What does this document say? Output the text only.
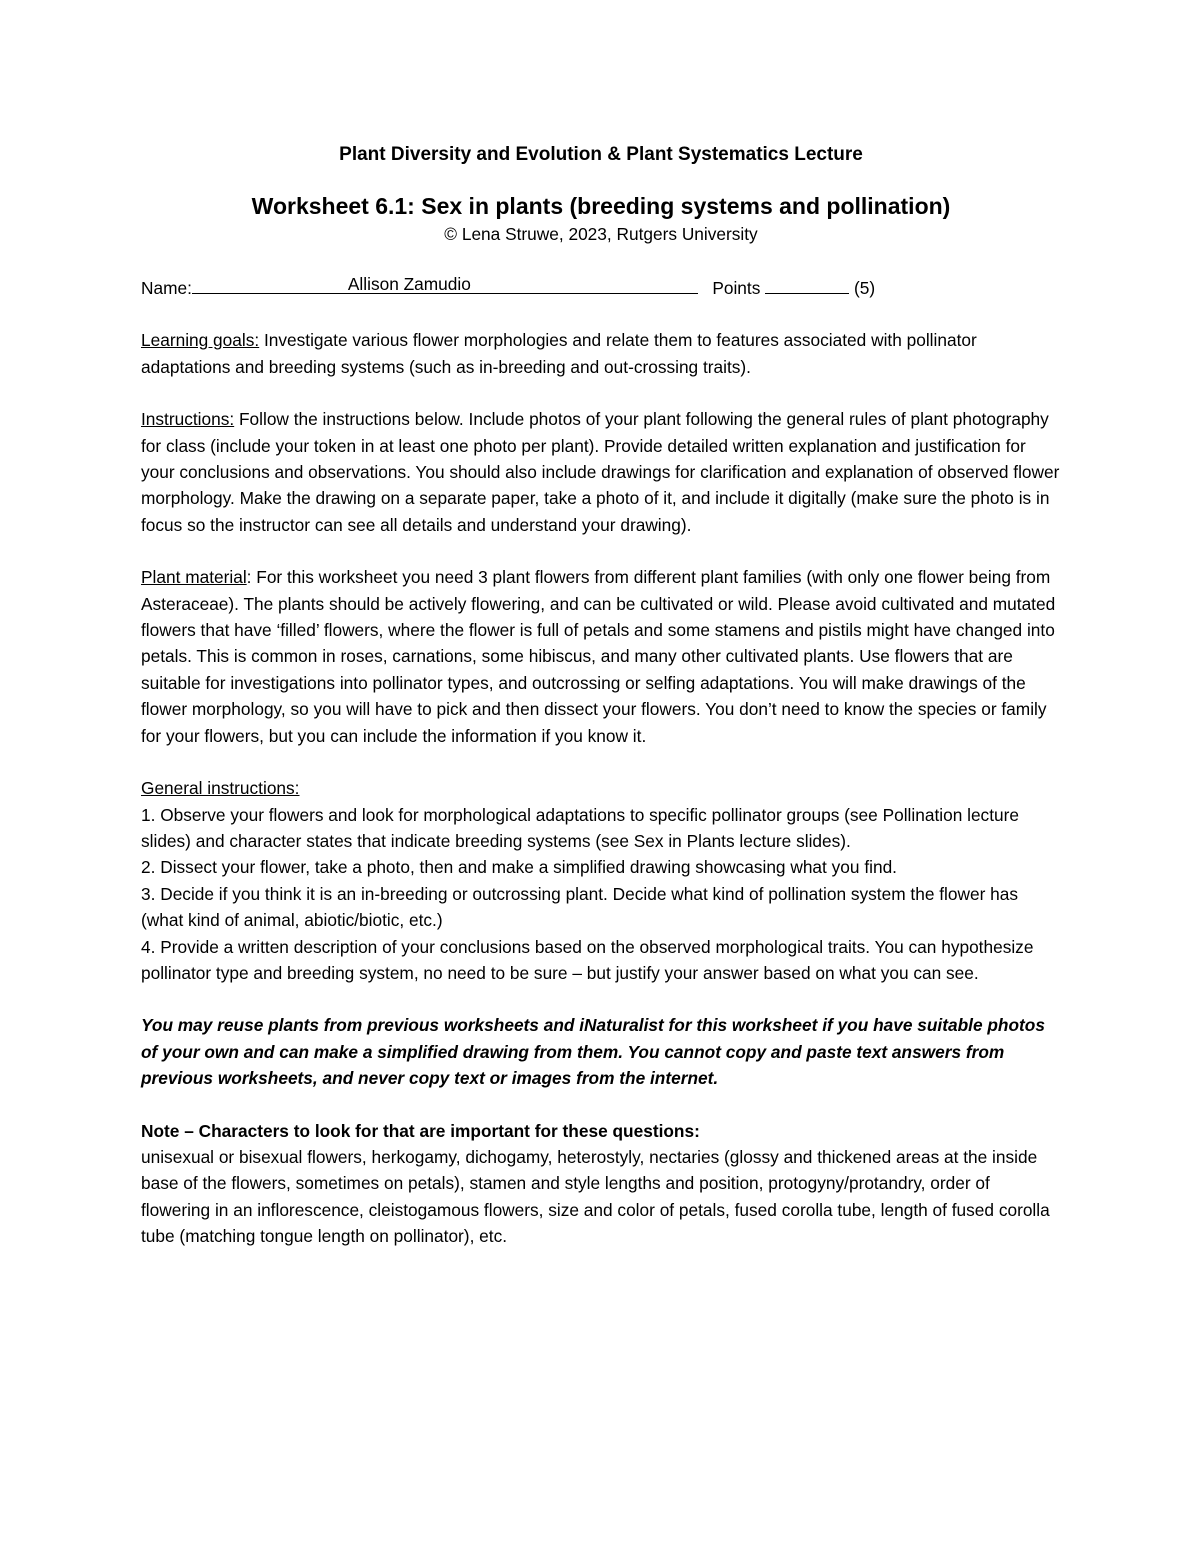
Plant Diversity and Evolution & Plant Systematics Lecture

Worksheet 6.1: Sex in plants (breeding systems and pollination)

© Lena Struwe, 2023, Rutgers University

Name:	Allison Zamudio	Points	(5)

Learning goals: Investigate various flower morphologies and relate them to features associated with pollinator adaptations and breeding systems (such as in-breeding and out-crossing traits).

Instructions: Follow the instructions below. Include photos of your plant following the general rules of plant photography for class (include your token in at least one photo per plant). Provide detailed written explanation and justification for your conclusions and observations. You should also include drawings for clarification and explanation of observed flower morphology. Make the drawing on a separate paper, take a photo of it, and include it digitally (make sure the photo is in focus so the instructor can see all details and understand your drawing).

Plant material: For this worksheet you need 3 plant flowers from different plant families (with only one flower being from Asteraceae). The plants should be actively flowering, and can be cultivated or wild. Please avoid cultivated and mutated flowers that have ‘filled’ flowers, where the flower is full of petals and some stamens and pistils might have changed into petals. This is common in roses, carnations, some hibiscus, and many other cultivated plants. Use flowers that are suitable for investigations into pollinator types, and outcrossing or selfing adaptations. You will make drawings of the flower morphology, so you will have to pick and then dissect your flowers. You don’t need to know the species or family for your flowers, but you can include the information if you know it.

General instructions:
1. Observe your flowers and look for morphological adaptations to specific pollinator groups (see Pollination lecture slides) and character states that indicate breeding systems (see Sex in Plants lecture slides).
2. Dissect your flower, take a photo, then and make a simplified drawing showcasing what you find.
3. Decide if you think it is an in-breeding or outcrossing plant. Decide what kind of pollination system the flower has (what kind of animal, abiotic/biotic, etc.)
4. Provide a written description of your conclusions based on the observed morphological traits. You can hypothesize pollinator type and breeding system, no need to be sure – but justify your answer based on what you can see.

You may reuse plants from previous worksheets and iNaturalist for this worksheet if you have suitable photos of your own and can make a simplified drawing from them. You cannot copy and paste text answers from previous worksheets, and never copy text or images from the internet.

Note – Characters to look for that are important for these questions:
unisexual or bisexual flowers, herkogamy, dichogamy, heterostyly, nectaries (glossy and thickened areas at the inside base of the flowers, sometimes on petals), stamen and style lengths and position, protogyny/protandry, order of flowering in an inflorescence, cleistogamous flowers, size and color of petals, fused corolla tube, length of fused corolla tube (matching tongue length on pollinator), etc.
